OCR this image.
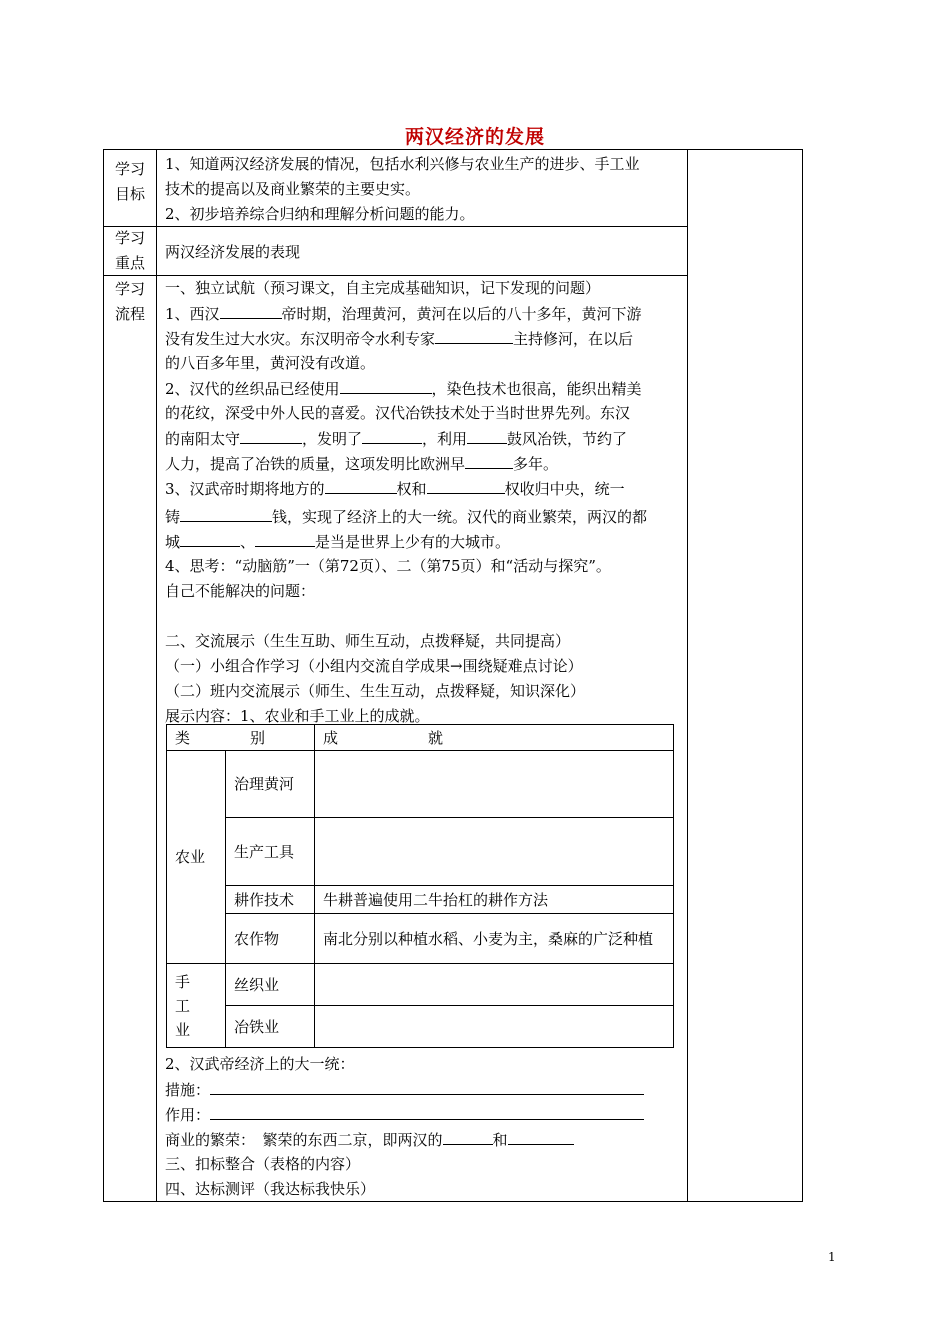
两汉经济的发展
学习
目标
1、知道两汉经济发展的情况，包括水利兴修与农业生产的进步、手工业
技术的提高以及商业繁荣的主要史实。
2、初步培养综合归纳和理解分析问题的能力。
学习
重点
两汉经济发展的表现
学习
流程
一、独立试航（预习课文，自主完成基础知识，记下发现的问题）
1、西汉	帝时期，治理黄河，黄河在以后的八十多年，黄河下游
没有发生过大水灾。东汉明帝令水利专家	主持修河，在以后
的八百多年里，黄河没有改道。
2、汉代的丝织品已经使用	，染色技术也很高，能织出精美
的花纹，深受中外人民的喜爱。汉代冶铁技术处于当时世界先列。东汉
的南阳太守	，发明了	，利用	鼓风冶铁，节约了
人力，提高了冶铁的质量，这项发明比欧洲早	多年。
3、汉武帝时期将地方的	权和	权收归中央，统一
铸	钱，实现了经济上的大一统。汉代的商业繁荣，两汉的都
城	、	是当是世界上少有的大城市。
4、思考：“动脑筋”一（第72页）、二（第75页）和“活动与探究”。
自己不能解决的问题：
二、交流展示（生生互助、师生互动，点拨释疑，共同提高）
（一）小组合作学习（小组内交流自学成果→围绕疑难点讨论）
（二）班内交流展示（师生、生生互动，点拨释疑，知识深化）
展示内容：1、农业和手工业上的成就。
类　　　　别		成　　　　　　就
农业	治理黄河	
	生产工具	
	耕作技术	牛耕普遍使用二牛抬杠的耕作方法
	农作物	南北分别以种植水稻、小麦为主，桑麻的广泛种植
手　工　业	丝织业	
	冶铁业	
2、汉武帝经济上的大一统：
措施：
作用：
商业的繁荣：　繁荣的东西二京，即两汉的	和
三、扣标整合（表格的内容）
四、达标测评（我达标我快乐）
1
